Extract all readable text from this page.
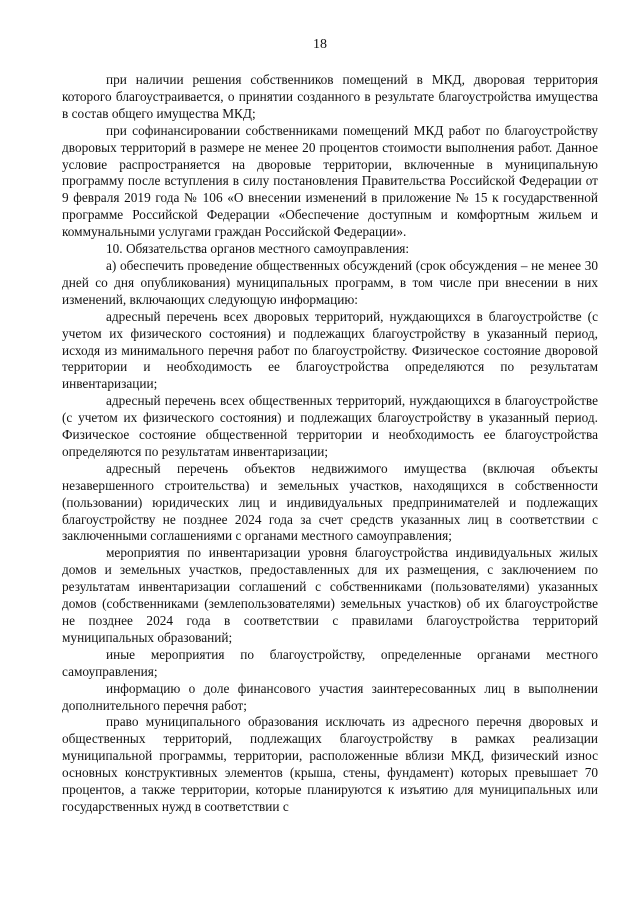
18

при наличии решения собственников помещений в МКД, дворовая территория которого благоустраивается, о принятии созданного в результате благоустройства имущества в состав общего имущества МКД;

при софинансировании собственниками помещений МКД работ по благоустройству дворовых территорий в размере не менее 20 процентов стоимости выполнения работ. Данное условие распространяется на дворовые территории, включенные в муниципальную программу после вступления в силу постановления Правительства Российской Федерации от 9 февраля 2019 года № 106 «О внесении изменений в приложение № 15 к государственной программе Российской Федерации «Обеспечение доступным и комфортным жильем и коммунальными услугами граждан Российской Федерации».

10. Обязательства органов местного самоуправления:

а) обеспечить проведение общественных обсуждений (срок обсуждения – не менее 30 дней со дня опубликования) муниципальных программ, в том числе при внесении в них изменений, включающих следующую информацию:

адресный перечень всех дворовых территорий, нуждающихся в благоустройстве (с учетом их физического состояния) и подлежащих благоустройству в указанный период, исходя из минимального перечня работ по благоустройству. Физическое состояние дворовой территории и необходимость ее благоустройства определяются по результатам инвентаризации;

адресный перечень всех общественных территорий, нуждающихся в благоустройстве (с учетом их физического состояния) и подлежащих благоустройству в указанный период. Физическое состояние общественной территории и необходимость ее благоустройства определяются по результатам инвентаризации;

адресный перечень объектов недвижимого имущества (включая объекты незавершенного строительства) и земельных участков, находящихся в собственности (пользовании) юридических лиц и индивидуальных предпринимателей и подлежащих благоустройству не позднее 2024 года за счет средств указанных лиц в соответствии с заключенными соглашениями с органами местного самоуправления;

мероприятия по инвентаризации уровня благоустройства индивидуальных жилых домов и земельных участков, предоставленных для их размещения, с заключением по результатам инвентаризации соглашений с собственниками (пользователями) указанных домов (собственниками (землепользователями) земельных участков) об их благоустройстве не позднее 2024 года в соответствии с правилами благоустройства территорий муниципальных образований;

иные мероприятия по благоустройству, определенные органами местного самоуправления;

информацию о доле финансового участия заинтересованных лиц в выполнении дополнительного перечня работ;

право муниципального образования исключать из адресного перечня дворовых и общественных территорий, подлежащих благоустройству в рамках реализации муниципальной программы, территории, расположенные вблизи МКД, физический износ основных конструктивных элементов (крыша, стены, фундамент) которых превышает 70 процентов, а также территории, которые планируются к изъятию для муниципальных или государственных нужд в соответствии с
